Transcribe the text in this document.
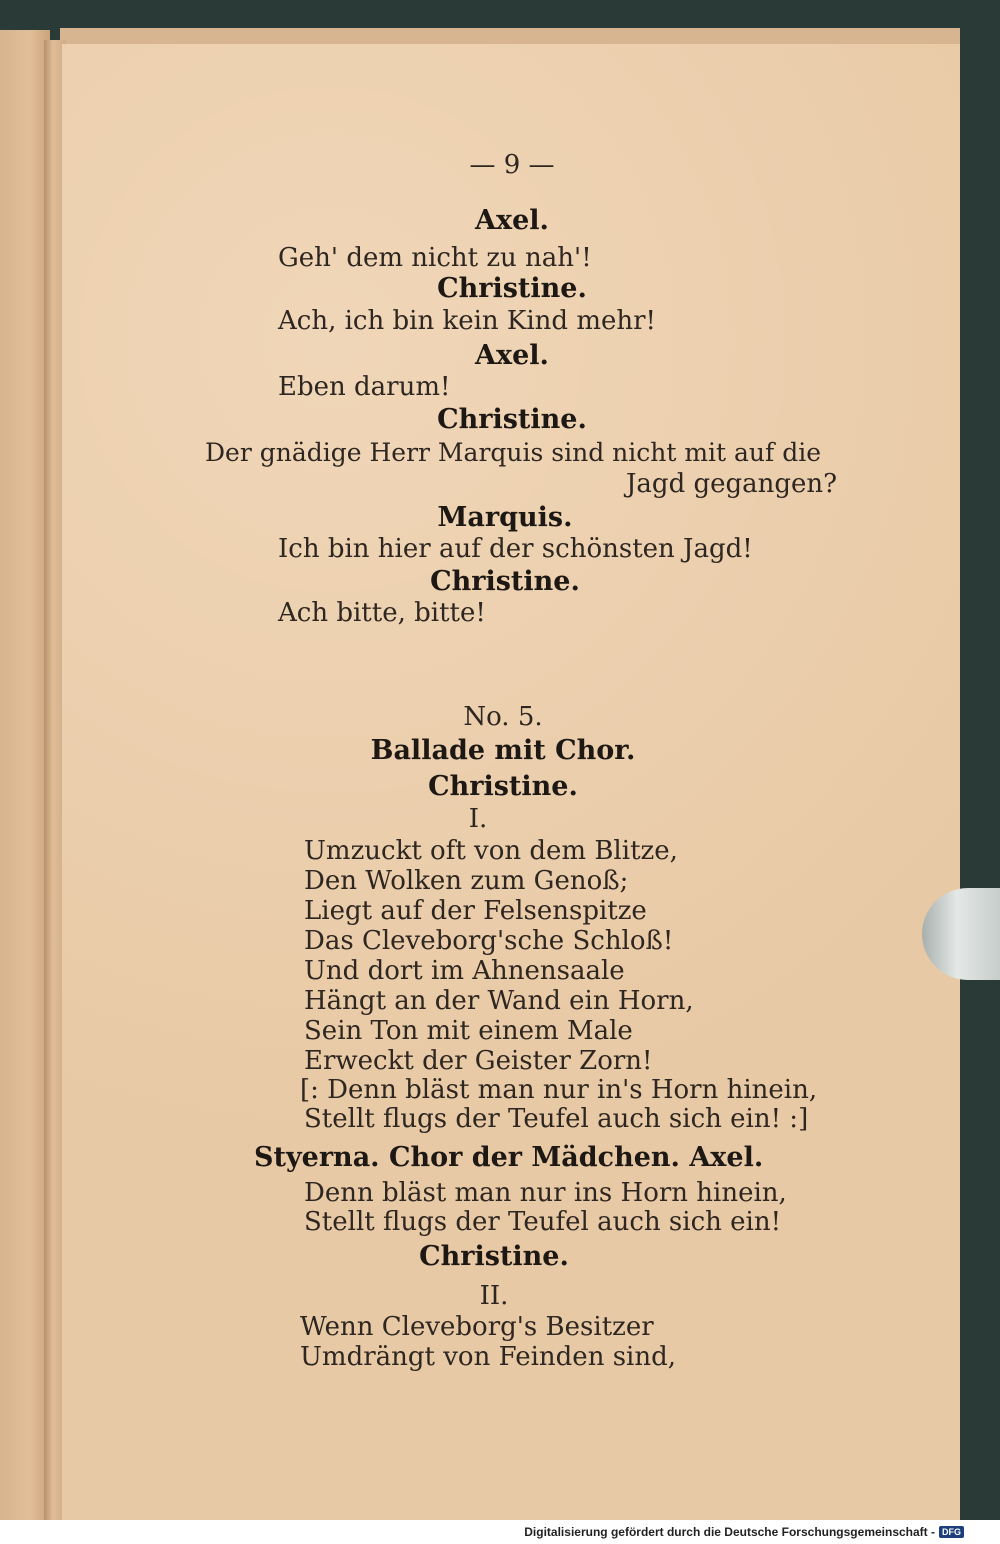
— 9 —
Axel.
Geh' dem nicht zu nah'!
Christine.
Ach, ich bin kein Kind mehr!
Axel.
Eben darum!
Christine.
Der gnädige Herr Marquis sind nicht mit auf die
Jagd gegangen?
Marquis.
Ich bin hier auf der schönsten Jagd!
Christine.
Ach bitte, bitte!
No. 5.
Ballade mit Chor.
Christine.
I.
Umzuckt oft von dem Blitze,
Den Wolken zum Genoß;
Liegt auf der Felsenspitze
Das Cleveborg'sche Schloß!
Und dort im Ahnensaale
Hängt an der Wand ein Horn,
Sein Ton mit einem Male
Erweckt der Geister Zorn!
[: Denn bläst man nur in's Horn hinein,
Stellt flugs der Teufel auch sich ein! :]
Styerna. Chor der Mädchen. Axel.
Denn bläst man nur ins Horn hinein,
Stellt flugs der Teufel auch sich ein!
Christine.
II.
Wenn Cleveborg's Besitzer
Umdrängt von Feinden sind,
Digitalisierung gefördert durch die Deutsche Forschungsgemeinschaft - DFG
